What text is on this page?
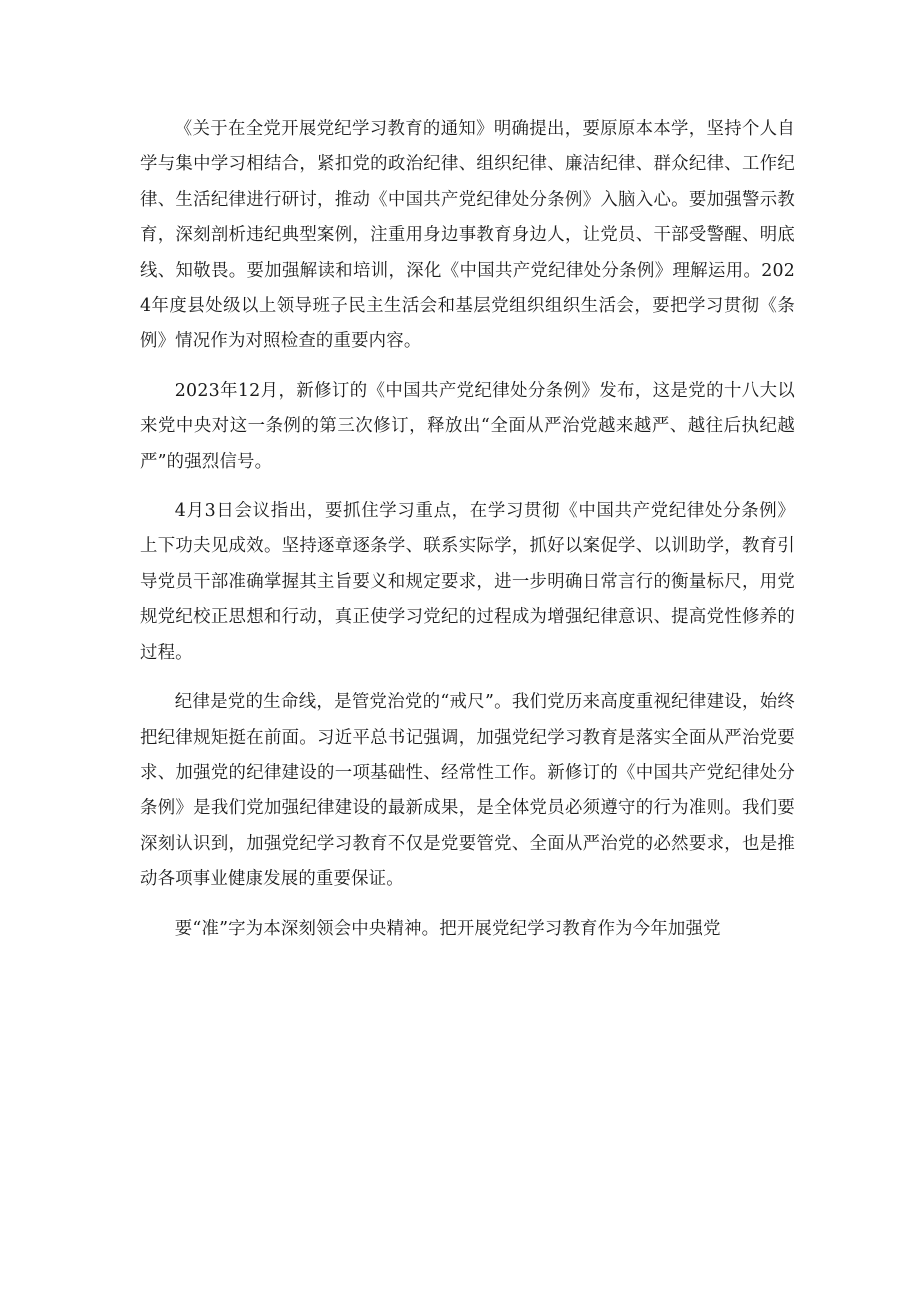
《关于在全党开展党纪学习教育的通知》明确提出，要原原本本学，坚持个人自学与集中学习相结合，紧扣党的政治纪律、组织纪律、廉洁纪律、群众纪律、工作纪律、生活纪律进行研讨，推动《中国共产党纪律处分条例》入脑入心。要加强警示教育，深刻剖析违纪典型案例，注重用身边事教育身边人，让党员、干部受警醒、明底线、知敬畏。要加强解读和培训，深化《中国共产党纪律处分条例》理解运用。2024年度县处级以上领导班子民主生活会和基层党组织组织生活会，要把学习贯彻《条例》情况作为对照检查的重要内容。

2023年12月，新修订的《中国共产党纪律处分条例》发布，这是党的十八大以来党中央对这一条例的第三次修订，释放出“全面从严治党越来越严、越往后执纪越严”的强烈信号。

4月3日会议指出，要抓住学习重点，在学习贯彻《中国共产党纪律处分条例》上下功夫见成效。坚持逐章逐条学、联系实际学，抓好以案促学、以训助学，教育引导党员干部准确掌握其主旨要义和规定要求，进一步明确日常言行的衡量标尺，用党规党纪校正思想和行动，真正使学习党纪的过程成为增强纪律意识、提高党性修养的过程。

纪律是党的生命线，是管党治党的“戒尺”。我们党历来高度重视纪律建设，始终把纪律规矩挺在前面。习近平总书记强调，加强党纪学习教育是落实全面从严治党要求、加强党的纪律建设的一项基础性、经常性工作。新修订的《中国共产党纪律处分条例》是我们党加强纪律建设的最新成果，是全体党员必须遵守的行为准则。我们要深刻认识到，加强党纪学习教育不仅是党要管党、全面从严治党的必然要求，也是推动各项事业健康发展的重要保证。

要“准”字为本深刻领会中央精神。把开展党纪学习教育作为今年加强党
